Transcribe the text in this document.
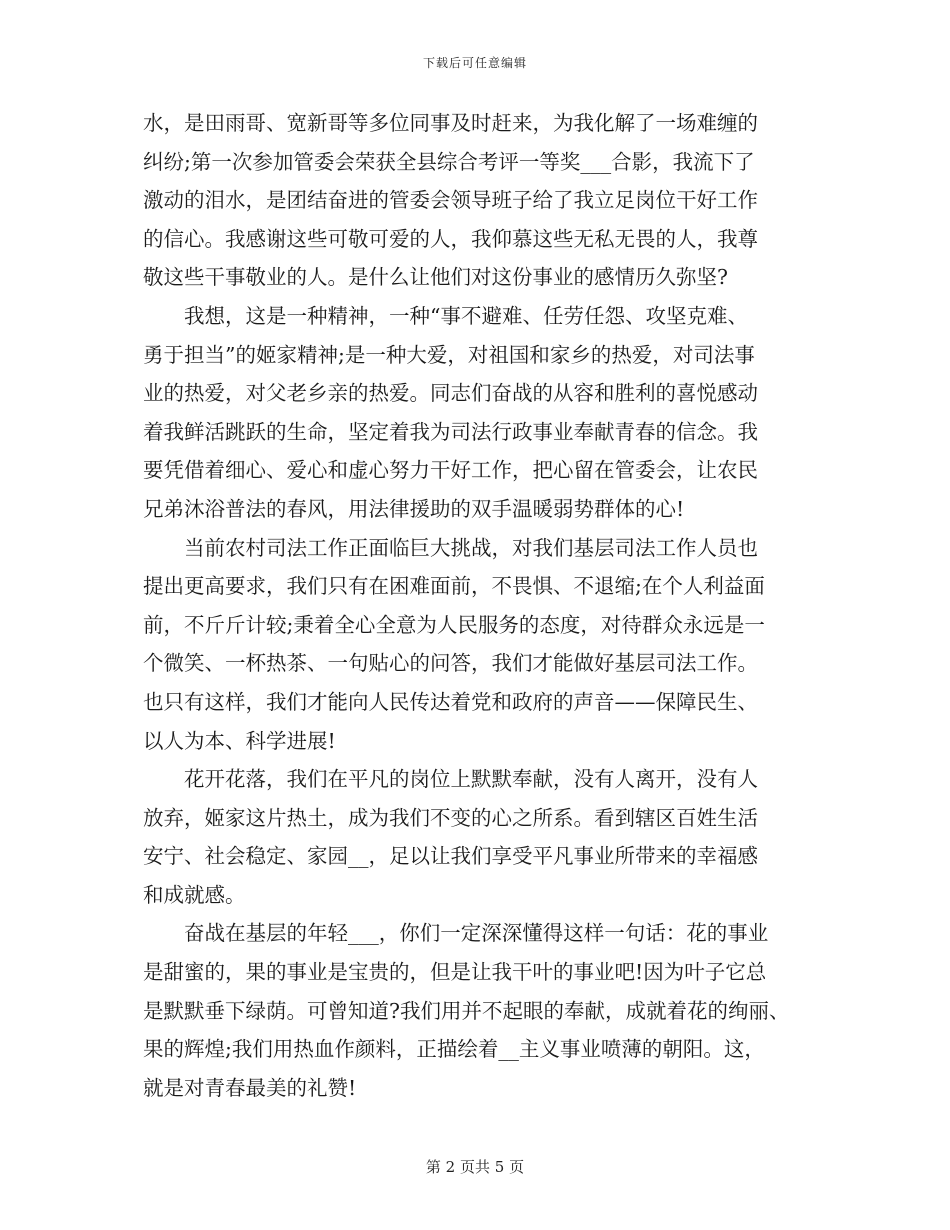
下载后可任意编辑
水，是田雨哥、宽新哥等多位同事及时赶来，为我化解了一场难缠的
纠纷;第一次参加管委会荣获全县综合考评一等奖___合影，我流下了
激动的泪水，是团结奋进的管委会领导班子给了我立足岗位干好工作
的信心。我感谢这些可敬可爱的人，我仰慕这些无私无畏的人，我尊
敬这些干事敬业的人。是什么让他们对这份事业的感情历久弥坚?
我想，这是一种精神，一种“事不避难、任劳任怨、攻坚克难、
勇于担当”的姬家精神;是一种大爱，对祖国和家乡的热爱，对司法事
业的热爱，对父老乡亲的热爱。同志们奋战的从容和胜利的喜悦感动
着我鲜活跳跃的生命，坚定着我为司法行政事业奉献青春的信念。我
要凭借着细心、爱心和虚心努力干好工作，把心留在管委会，让农民
兄弟沐浴普法的春风，用法律援助的双手温暖弱势群体的心!
当前农村司法工作正面临巨大挑战，对我们基层司法工作人员也
提出更高要求，我们只有在困难面前，不畏惧、不退缩;在个人利益面
前，不斤斤计较;秉着全心全意为人民服务的态度，对待群众永远是一
个微笑、一杯热茶、一句贴心的问答，我们才能做好基层司法工作。
也只有这样，我们才能向人民传达着党和政府的声音——保障民生、
以人为本、科学进展!
花开花落，我们在平凡的岗位上默默奉献，没有人离开，没有人
放弃，姬家这片热土，成为我们不变的心之所系。看到辖区百姓生活
安宁、社会稳定、家园__，足以让我们享受平凡事业所带来的幸福感
和成就感。
奋战在基层的年轻___，你们一定深深懂得这样一句话：花的事业
是甜蜜的，果的事业是宝贵的，但是让我干叶的事业吧!因为叶子它总
是默默垂下绿荫。可曾知道?我们用并不起眼的奉献，成就着花的绚丽、
果的辉煌;我们用热血作颜料，正描绘着__主义事业喷薄的朝阳。这，
就是对青春最美的礼赞!
第 2 页共 5 页
